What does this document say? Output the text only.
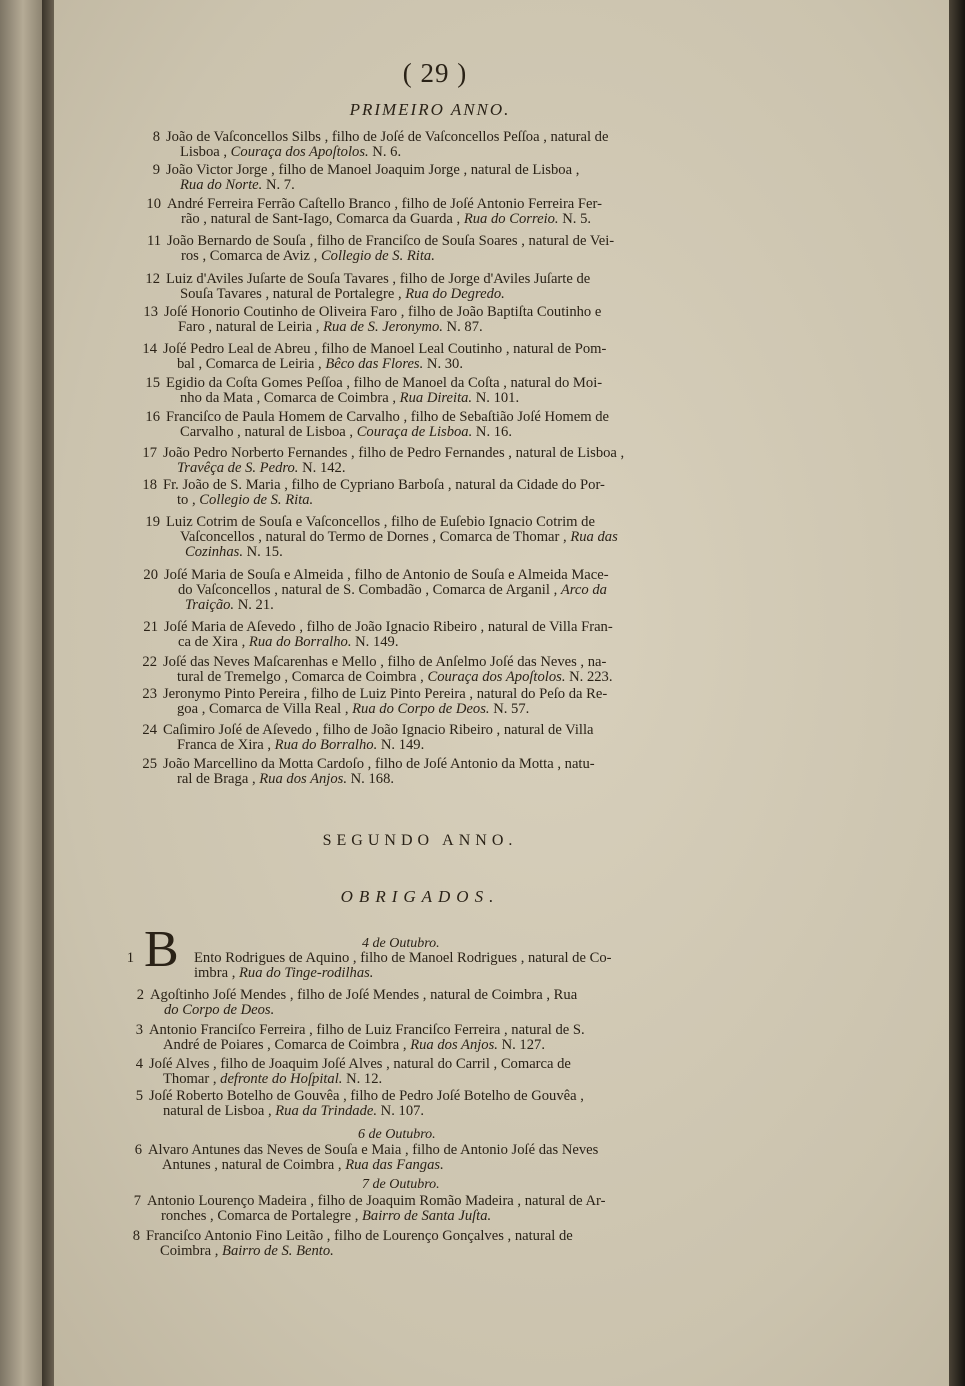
( 29 )
PRIMEIRO ANNO.
8 João de Vaſconcellos Silbs , filho de Joſé de Vaſconcellos Peſſoa , natural de
Lisboa , Couraça dos Apoſtolos. N. 6.
9 João Victor Jorge , filho de Manoel Joaquim Jorge , natural de Lisboa ,
Rua do Norte. N. 7.
10 André Ferreira Ferrão Caſtello Branco , filho de Joſé Antonio Ferreira Fer-
rão , natural de Sant-Iago, Comarca da Guarda , Rua do Correio. N. 5.
11 João Bernardo de Souſa , filho de Franciſco de Souſa Soares , natural de Vei-
ros , Comarca de Aviz , Collegio de S. Rita.
12 Luiz d'Aviles Juſarte de Souſa Tavares , filho de Jorge d'Aviles Juſarte de
Souſa Tavares , natural de Portalegre , Rua do Degredo.
13 Joſé Honorio Coutinho de Oliveira Faro , filho de João Baptiſta Coutinho e
Faro , natural de Leiria , Rua de S. Jeronymo. N. 87.
14 Joſé Pedro Leal de Abreu , filho de Manoel Leal Coutinho , natural de Pom-
bal , Comarca de Leiria , Bêco das Flores. N. 30.
15 Egidio da Coſta Gomes Peſſoa , filho de Manoel da Coſta , natural do Moi-
nho da Mata , Comarca de Coimbra , Rua Direita. N. 101.
16 Franciſco de Paula Homem de Carvalho , filho de Sebaſtião Joſé Homem de
Carvalho , natural de Lisboa , Couraça de Lisboa. N. 16.
17 João Pedro Norberto Fernandes , filho de Pedro Fernandes , natural de Lisboa ,
Travêça de S. Pedro. N. 142.
18 Fr. João de S. Maria , filho de Cypriano Barboſa , natural da Cidade do Por-
to , Collegio de S. Rita.
19 Luiz Cotrim de Souſa e Vaſconcellos , filho de Euſebio Ignacio Cotrim de
Vaſconcellos , natural do Termo de Dornes , Comarca de Thomar , Rua das
20 Joſé Maria de Souſa e Almeida , filho de Antonio de Souſa e Almeida Mace-
do Vaſconcellos , natural de S. Combadão , Comarca de Arganil , Arco da
21 Joſé Maria de Aſevedo , filho de João Ignacio Ribeiro , natural de Villa Fran-
ca de Xira , Rua do Borralho. N. 149.
22 Joſé das Neves Maſcarenhas e Mello , filho de Anſelmo Joſé das Neves , na-
tural de Tremelgo , Comarca de Coimbra , Couraça dos Apoſtolos. N. 223.
23 Jeronymo Pinto Pereira , filho de Luiz Pinto Pereira , natural do Peſo da Re-
goa , Comarca de Villa Real , Rua do Corpo de Deos. N. 57.
24 Caſimiro Joſé de Aſevedo , filho de João Ignacio Ribeiro , natural de Villa
Franca de Xira , Rua do Borralho. N. 149.
25 João Marcellino da Motta Cardoſo , filho de Joſé Antonio da Motta , natu-
ral de Braga , Rua dos Anjos. N. 168.
Cozinhas. N. 15.
Traição. N. 21.
SEGUNDO ANNO.
OBRIGADOS.
B	4 de Outubro.
6 de Outubro.
7 de Outubro.
1	Ento Rodrigues de Aquino , filho de Manoel Rodrigues , natural de Co-
imbra , Rua do Tinge-rodilhas.
2 Agoſtinho Joſé Mendes , filho de Joſé Mendes , natural de Coimbra , Rua
do Corpo de Deos.
3 Antonio Franciſco Ferreira , filho de Luiz Franciſco Ferreira , natural de S.
André de Poiares , Comarca de Coimbra , Rua dos Anjos. N. 127.
4 Joſé Alves , filho de Joaquim Joſé Alves , natural do Carril , Comarca de
Thomar , defronte do Hoſpital. N. 12.
5 Joſé Roberto Botelho de Gouvêa , filho de Pedro Joſé Botelho de Gouvêa ,
natural de Lisboa , Rua da Trindade. N. 107.
6 Alvaro Antunes das Neves de Souſa e Maia , filho de Antonio Joſé das Neves
Antunes , natural de Coimbra , Rua das Fangas.
7 Antonio Lourenço Madeira , filho de Joaquim Romão Madeira , natural de Ar-
ronches , Comarca de Portalegre , Bairro de Santa Juſta.
8 Franciſco Antonio Fino Leitão , filho de Lourenço Gonçalves , natural de
Coimbra , Bairro de S. Bento.
